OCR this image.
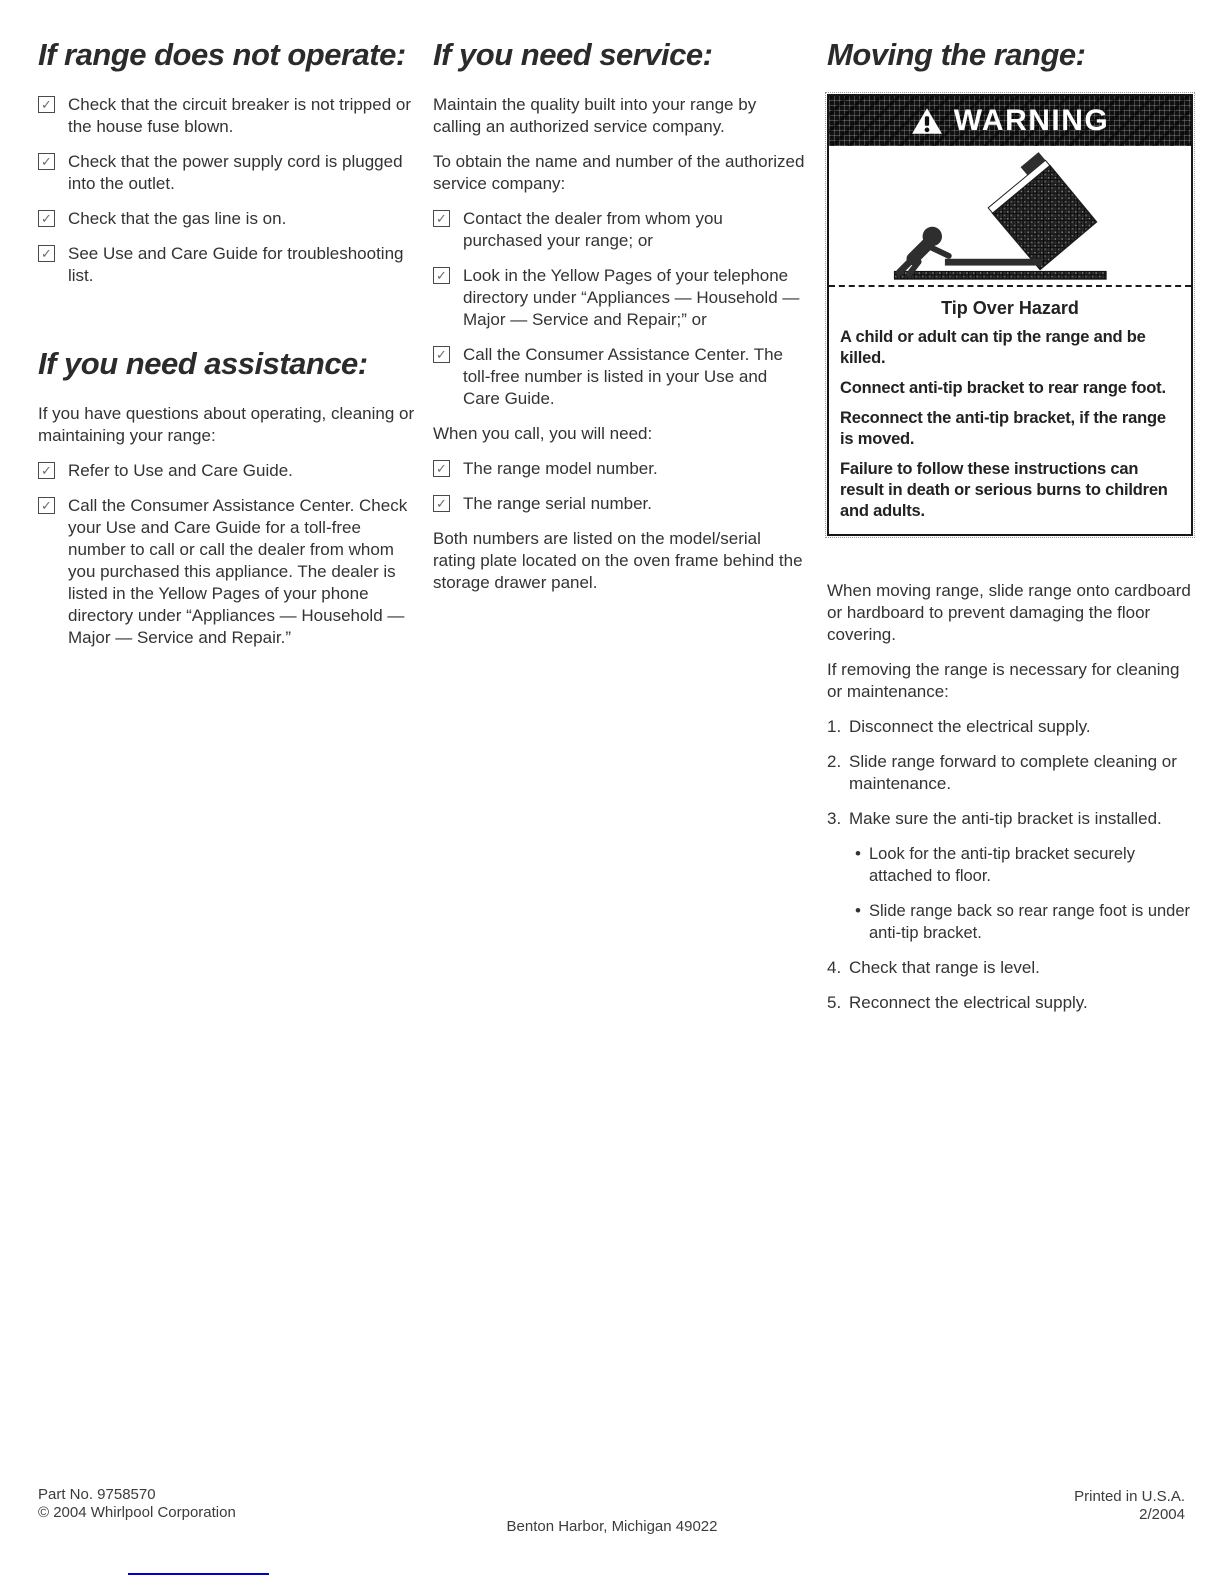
If range does not operate:
✓ Check that the circuit breaker is not tripped or the house fuse blown.
✓ Check that the power supply cord is plugged into the outlet.
✓ Check that the gas line is on.
✓ See Use and Care Guide for troubleshooting list.
If you need assistance:

If you have questions about operating, cleaning or maintaining your range:

✓ Refer to Use and Care Guide.
✓ Call the Consumer Assistance Center. Check your Use and Care Guide for a toll-free number to call or call the dealer from whom you purchased this appliance. The dealer is listed in the Yellow Pages of your phone directory under “Appliances — Household — Major — Service and Repair.”
If you need service:

Maintain the quality built into your range by calling an authorized service company.

To obtain the name and number of the authorized service company:

✓ Contact the dealer from whom you purchased your range; or
✓ Look in the Yellow Pages of your telephone directory under “Appliances — Household — Major — Service and Repair;” or
✓ Call the Consumer Assistance Center. The toll-free number is listed in your Use and Care Guide.

When you call, you will need:

✓ The range model number.
✓ The range serial number.

Both numbers are listed on the model/serial rating plate located on the oven frame behind the storage drawer panel.

Moving the range:
WARNING
Tip Over Hazard

A child or adult can tip the range and be killed.

Connect anti-tip bracket to rear range foot.

Reconnect the anti-tip bracket, if the range is moved.

Failure to follow these instructions can result in death or serious burns to children and adults.

When moving range, slide range onto cardboard or hardboard to prevent damaging the floor covering.

If removing the range is necessary for cleaning or maintenance:

1. Disconnect the electrical supply.
2. Slide range forward to complete cleaning or maintenance.
3. Make sure the anti-tip bracket is installed.
• Look for the anti-tip bracket securely attached to floor.
• Slide range back so rear range foot is under anti-tip bracket.
4. Check that range is level.
5. Reconnect the electrical supply.
Part No. 9758570
© 2004 Whirlpool Corporation
Benton Harbor, Michigan 49022
Printed in U.S.A.
2/2004
